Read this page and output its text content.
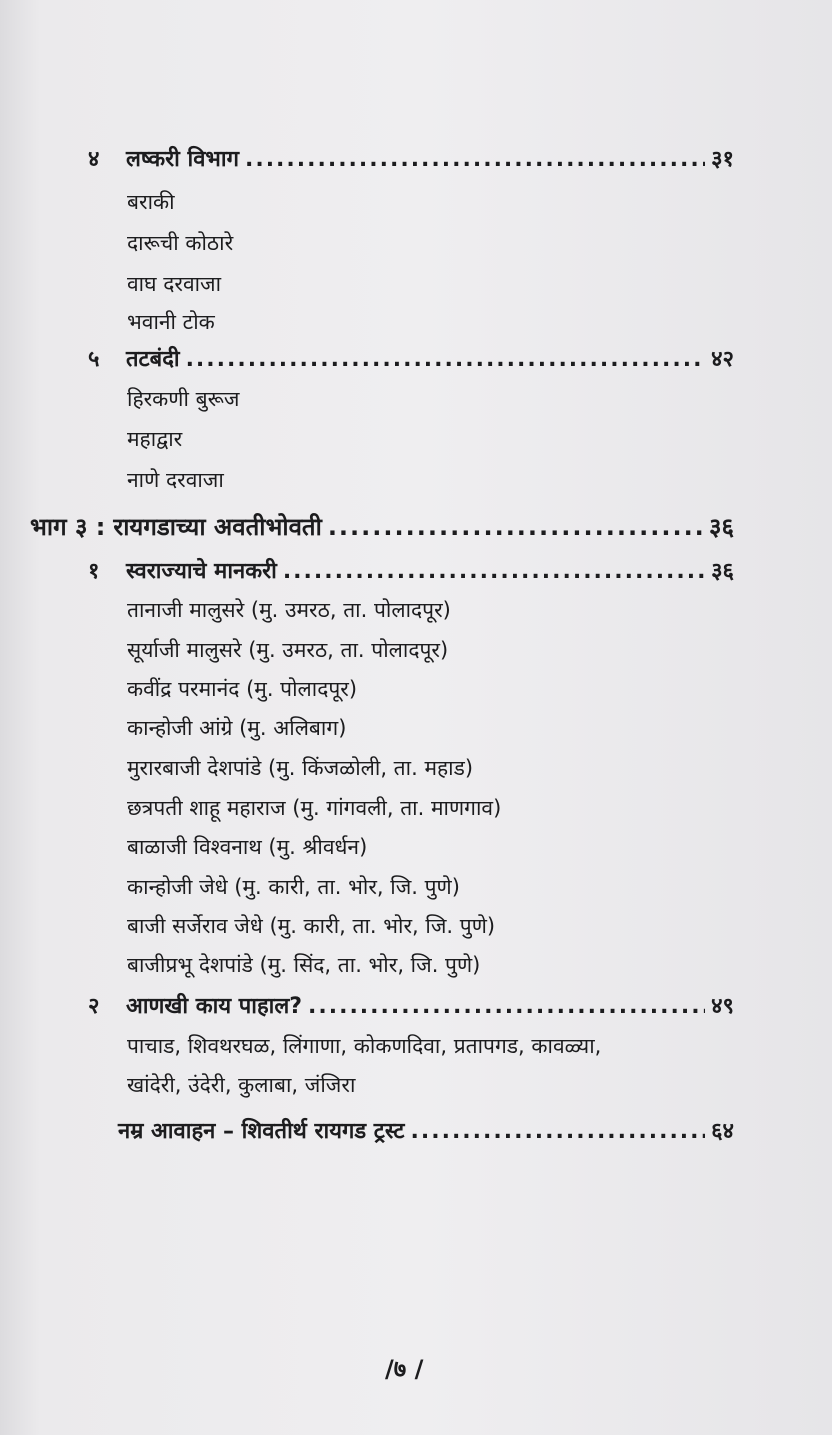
४	लष्करी विभाग .....	३१
बराकी
दारूची कोठारे
वाघ दरवाजा
भवानी टोक
५	तटबंदी .....	४२
हिरकणी बुरूज
महाद्वार
नाणे दरवाजा
भाग ३ : रायगडाच्या अवतीभोवती .....	३६
१	स्वराज्याचे मानकरी .....	३६
तानाजी मालुसरे (मु. उमरठ, ता. पोलादपूर)
सूर्याजी मालुसरे (मु. उमरठ, ता. पोलादपूर)
कवींद्र परमानंद (मु. पोलादपूर)
कान्होजी आंग्रे (मु. अलिबाग)
मुरारबाजी देशपांडे (मु. किंजळोली, ता. महाड)
छत्रपती शाहू महाराज (मु. गांगवली, ता. माणगाव)
बाळाजी विश्वनाथ (मु. श्रीवर्धन)
कान्होजी जेधे (मु. कारी, ता. भोर, जि. पुणे)
बाजी सर्जेराव जेधे (मु. कारी, ता. भोर, जि. पुणे)
बाजीप्रभू देशपांडे (मु. सिंद, ता. भोर, जि. पुणे)
२	आणखी काय पाहाल? .....	४९
पाचाड, शिवथरघळ, लिंगाणा, कोकणदिवा, प्रतापगड, कावळ्या,
खांदेरी, उंदेरी, कुलाबा, जंजिरा
नम्र आवाहन – शिवतीर्थ रायगड ट्रस्ट .....	६४
/७ /
